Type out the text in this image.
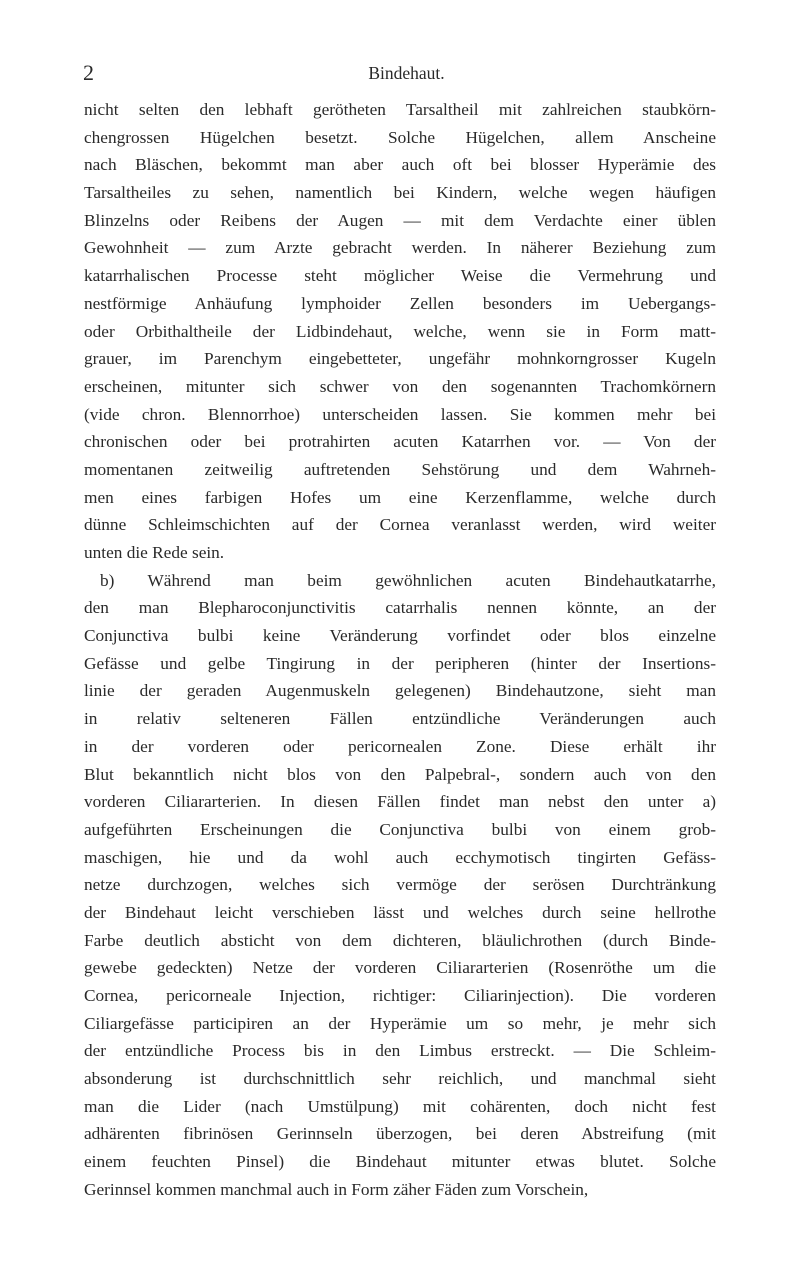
2	Bindehaut.
nicht selten den lebhaft gerötheten Tarsaltheil mit zahlreichen staubkörn-
chengrossen Hügelchen besetzt. Solche Hügelchen, allem Anscheine
nach Bläschen, bekommt man aber auch oft bei blosser Hyperämie des
Tarsaltheiles zu sehen, namentlich bei Kindern, welche wegen häufigen
Blinzelns oder Reibens der Augen — mit dem Verdachte einer üblen
Gewohnheit — zum Arzte gebracht werden. In näherer Beziehung zum
katarrhalischen Processe steht möglicher Weise die Vermehrung und
nestförmige Anhäufung lymphoider Zellen besonders im Uebergangs-
oder Orbithaltheile der Lidbindehaut, welche, wenn sie in Form matt-
grauer, im Parenchym eingebetteter, ungefähr mohnkorngrosser Kugeln
erscheinen, mitunter sich schwer von den sogenannten Trachomkörnern
(vide chron. Blennorrhoe) unterscheiden lassen. Sie kommen mehr bei
chronischen oder bei protrahirten acuten Katarrhen vor. — Von der
momentanen zeitweilig auftretenden Sehstörung und dem Wahrneh-
men eines farbigen Hofes um eine Kerzenflamme, welche durch
dünne Schleimschichten auf der Cornea veranlasst werden, wird weiter
unten die Rede sein.
b) Während man beim gewöhnlichen acuten Bindehautkatarrhe,
den man Blepharoconjunctivitis catarrhalis nennen könnte, an der
Conjunctiva bulbi keine Veränderung vorfindet oder blos einzelne
Gefässe und gelbe Tingirung in der peripheren (hinter der Insertions-
linie der geraden Augenmuskeln gelegenen) Bindehautzone, sieht man
in relativ selteneren Fällen entzündliche Veränderungen auch
in der vorderen oder pericornealen Zone. Diese erhält ihr
Blut bekanntlich nicht blos von den Palpebral-, sondern auch von den
vorderen Ciliararterien. In diesen Fällen findet man nebst den unter a)
aufgeführten Erscheinungen die Conjunctiva bulbi von einem grob-
maschigen, hie und da wohl auch ecchymotisch tingirten Gefäss-
netze durchzogen, welches sich vermöge der serösen Durchtränkung
der Bindehaut leicht verschieben lässt und welches durch seine hellrothe
Farbe deutlich absticht von dem dichteren, bläulichrothen (durch Binde-
gewebe gedeckten) Netze der vorderen Ciliararterien (Rosenröthe um die
Cornea, pericorneale Injection, richtiger: Ciliarinjection). Die vorderen
Ciliargefässe participiren an der Hyperämie um so mehr, je mehr sich
der entzündliche Process bis in den Limbus erstreckt. — Die Schleim-
absonderung ist durchschnittlich sehr reichlich, und manchmal sieht
man die Lider (nach Umstülpung) mit cohärenten, doch nicht fest
adhärenten fibrinösen Gerinnseln überzogen, bei deren Abstreifung (mit
einem feuchten Pinsel) die Bindehaut mitunter etwas blutet. Solche
Gerinnsel kommen manchmal auch in Form zäher Fäden zum Vorschein,
